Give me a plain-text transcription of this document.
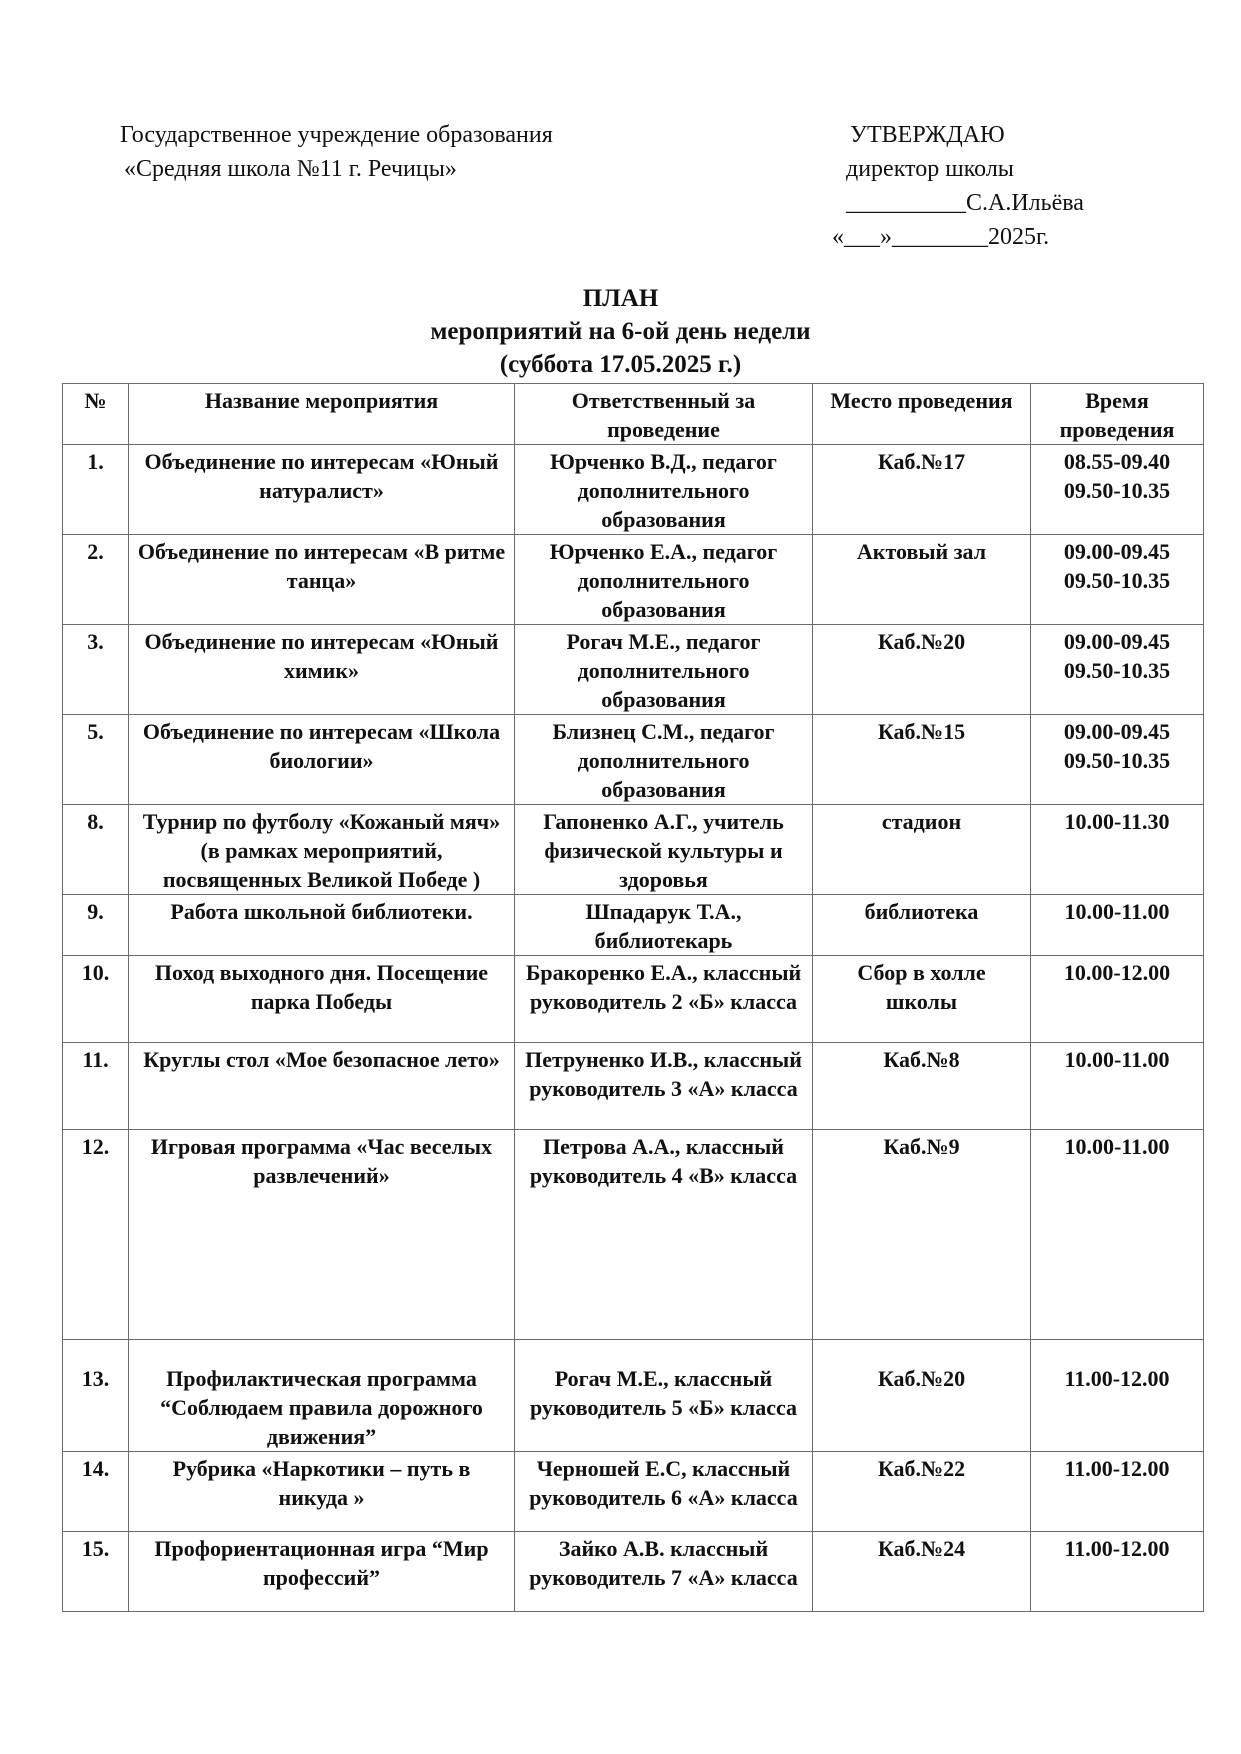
Государственное учреждение образования
«Средняя школа №11 г. Речицы»
УТВЕРЖДАЮ
директор школы
__________С.А.Ильёва
«___»________2025г.
ПЛАН
мероприятий на 6-ой день недели
(суббота 17.05.2025 г.)
№	Название мероприятия	Ответственный за проведение	Место проведения	Время проведения
1.	Объединение по интересам «Юный натуралист»	Юрченко В.Д., педагог дополнительного образования	Каб.№17	08.55-09.40
09.50-10.35

2.	Объединение по интересам «В ритме танца»	Юрченко Е.А., педагог дополнительного образования	Актовый зал	09.00-09.45
09.50-10.35

3.	Объединение по интересам «Юный химик»	Рогач М.Е., педагог дополнительного образования	Каб.№20	09.00-09.45
09.50-10.35

5.	Объединение по интересам «Школа биологии»	Близнец С.М., педагог дополнительного образования	Каб.№15	09.00-09.45
09.50-10.35

8.	Турнир по футболу «Кожаный мяч» (в рамках мероприятий, посвященных Великой Победе )	Гапоненко А.Г., учитель физической культуры и здоровья	стадион	10.00-11.30
9.	Работа школьной библиотеки.	Шпадарук Т.А., библиотекарь	библиотека	10.00-11.00
10.	Поход выходного дня. Посещение парка Победы	Бракоренко Е.А., классный руководитель 2 «Б» класса	Сбор в холле школы	10.00-12.00
11.	Круглы стол «Мое безопасное лето»	Петруненко И.В., классный руководитель 3 «А» класса	Каб.№8	10.00-11.00
12.	Игровая программа «Час веселых развлечений»	Петрова А.А., классный руководитель 4 «В» класса	Каб.№9	10.00-11.00
13.	Профилактическая программа “Соблюдаем правила дорожного движения”	Рогач М.Е., классный руководитель 5 «Б» класса	Каб.№20	11.00-12.00
14.	Рубрика «Наркотики – путь в никуда »	Черношей Е.С, классный руководитель 6 «А» класса	Каб.№22	11.00-12.00
15.	Профориентационная игра “Мир профессий”	Зайко А.В. классный руководитель 7 «А» класса	Каб.№24	11.00-12.00
